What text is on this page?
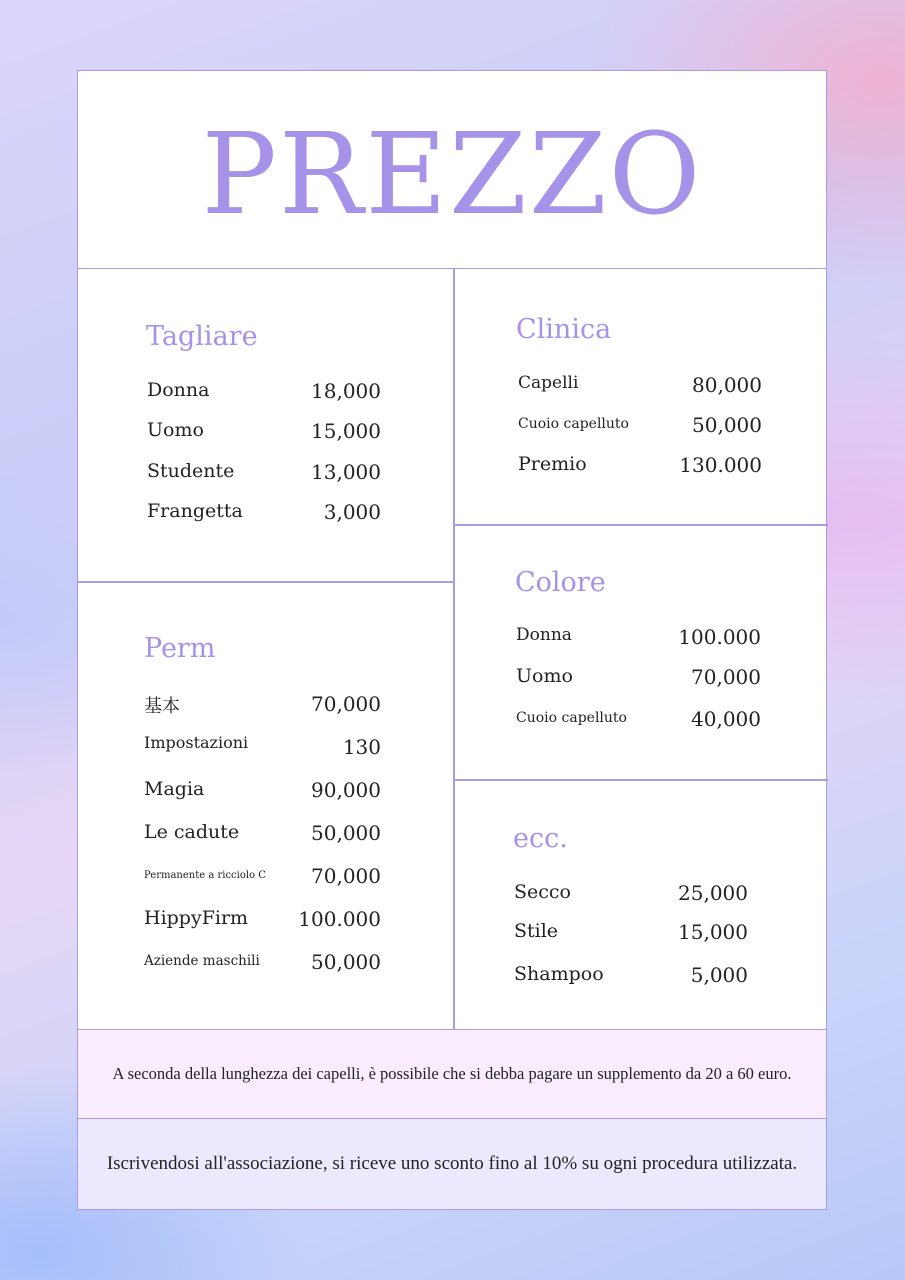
PREZZO
Tagliare
Donna	18,000
Uomo	15,000
Studente	13,000
Frangetta	3,000
Clinica
Capelli	80,000
Cuoio capelluto	50,000
Premio	130.000
Colore
Donna	100.000
Uomo	70,000
Cuoio capelluto	40,000
Perm
基本	70,000
Impostazioni	130
Magia	90,000
Le cadute	50,000
Permanente a ricciolo C 70,000
HippyFirm	100.000
Aziende maschili	50,000
ecc.
Secco	25,000
Stile	15,000
Shampoo	5,000
A seconda della lunghezza dei capelli, è possibile che si debba pagare un supplemento da 20 a 60 euro.
Iscrivendosi all'associazione, si riceve uno sconto fino al 10% su ogni procedura utilizzata.
